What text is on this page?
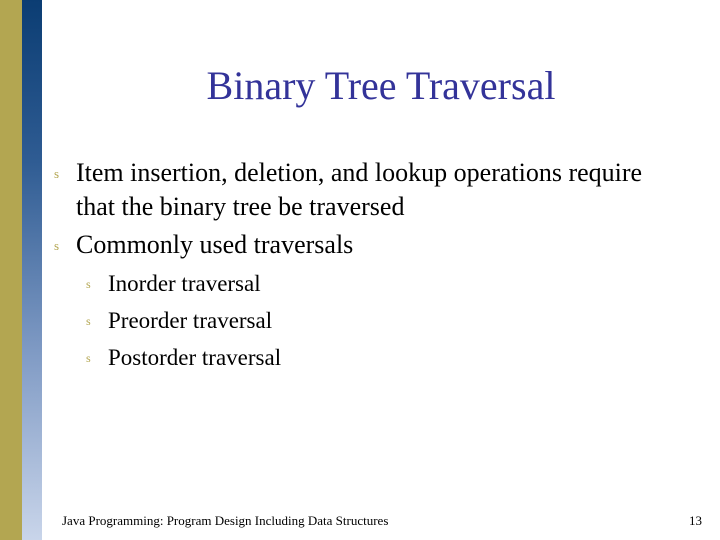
Binary Tree Traversal
s Item insertion, deletion, and lookup operations require that the binary tree be traversed
s Commonly used traversals
s Inorder traversal
s Preorder traversal
s Postorder traversal
Java Programming: Program Design Including Data Structures	13
